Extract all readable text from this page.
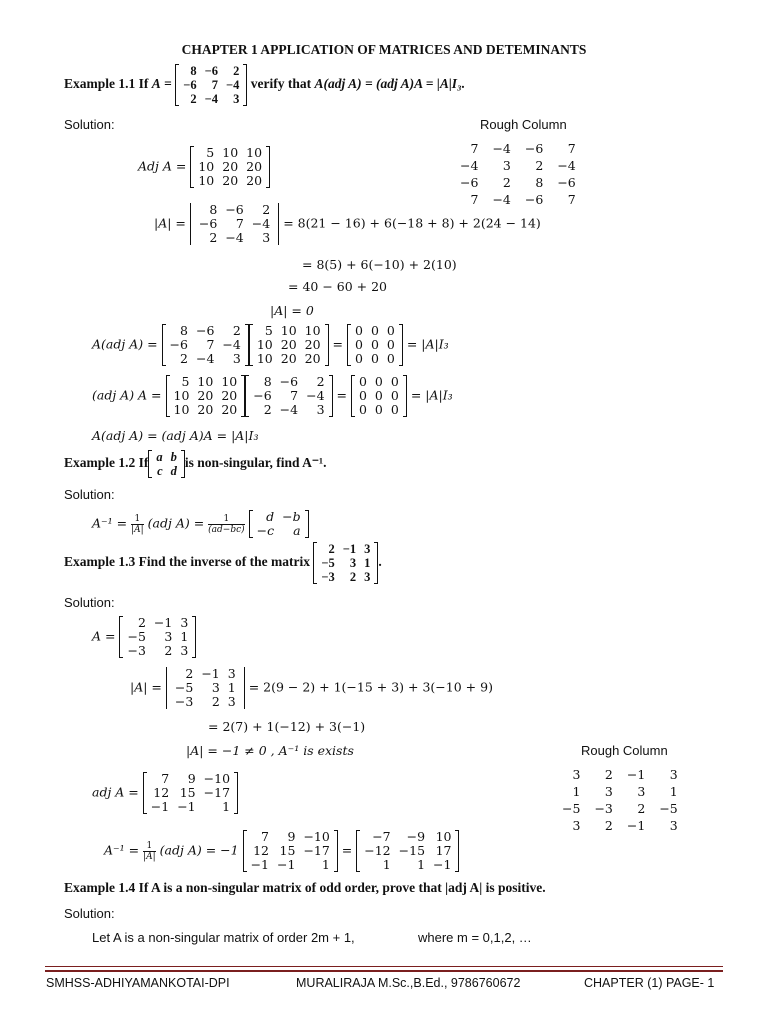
CHAPTER 1 APPLICATION OF MATRICES AND DETEMINANTS
Example 1.1 If A =
8	−6	2
−6	7	−4
2	−4	3
verify that A(adj A) = (adj A)A = |A|I₃.
Solution:	Rough Column
7	−4	−6	7
−4	3	2	−4
−6	2	8	−6
7	−4	−6	7
Adj A =
5	10	10
10	20	20
10	20	20
|A| =
8	−6	2
−6	7	−4
2	−4	3
= 8(21 − 16) + 6(−18 + 8) + 2(24 − 14)
= 8(5) + 6(−10) + 2(10)
= 40 − 60 + 20
|A| = 0
A(adj A) =
8	−6	2
−6	7	−4
2	−4	3
5	10	10
10	20	20
10	20	20
=
0	0	0
0	0	0
0	0	0
= |A|I₃
(adj A) A =
5	10	10
10	20	20
10	20	20
8	−6	2
−6	7	−4
2	−4	3
=
0	0	0
0	0	0
0	0	0
= |A|I₃
A(adj A) = (adj A)A = |A|I₃
Example 1.2 If a	b
c	d
is non-singular, find A⁻¹.
Solution:
$A^{-1} = \frac{1}{|A|} (adj$ $A) = \frac{1}{(ad-bc)}$
d	−b
−c	a
Example 1.3 Find the inverse of the matrix
2	−1	3
−5	3	1
−3	2	3
.
Solution:
A =
2	−1	3
−5	3	1
−3	2	3
|A| =
2	−1	3
−5	3	1
−3	2	3
= 2(9 − 2) + 1(−15 + 3) + 3(−10 + 9)
= 2(7) + 1(−12) + 3(−1)
|A| = −1 ≠ 0 , A⁻¹ is exists	Rough Column
3	2	−1	3
1	3	3	1
−5	−3	2	−5
3	2	−1	3
adj A =
7	9	−10
12	15	−17
−1	−1	1
$A^{-1} = \frac{1}{|A|} (adj$ A) = −1
7	9	−10
12	15	−17
−1	−1	1
=
−7	−9	10
−12	−15	17
1	1	−1
Example 1.4 If A is a non-singular matrix of odd order, prove that |adj A| is positive.
Solution:
Let A is a non-singular matrix of order 2m + 1,	where m = 0,1,2, …
SMHSS-ADHIYAMANKOTAI-DPI	MURALIRAJA M.Sc.,B.Ed., 9786760672	CHAPTER (1) PAGE- 1
